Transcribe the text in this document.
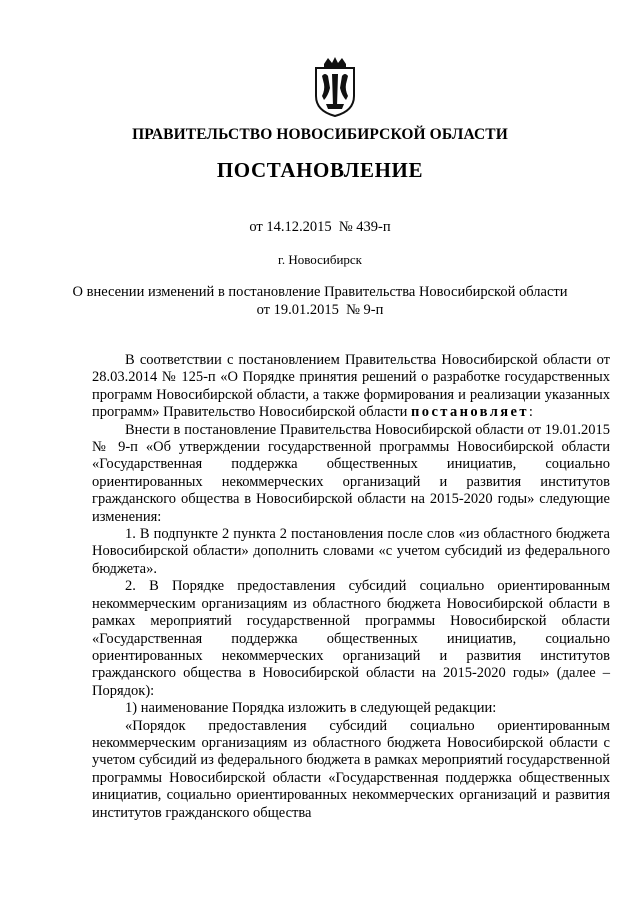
ПРАВИТЕЛЬСТВО НОВОСИБИРСКОЙ ОБЛАСТИ
ПОСТАНОВЛЕНИЕ
от 14.12.2015  № 439-п
г. Новосибирск
О внесении изменений в постановление Правительства Новосибирской области
от 19.01.2015  № 9-п

В соответствии с постановлением Правительства Новосибирской области от 28.03.2014 № 125-п «О Порядке принятия решений о разработке государственных программ Новосибирской области, а также формирования и реализации указанных программ» Правительство Новосибирской области постановляет:

Внести в постановление Правительства Новосибирской области от 19.01.2015 № 9-п «Об утверждении государственной программы Новосибирской области «Государственная поддержка общественных инициатив, социально ориентированных некоммерческих организаций и развития институтов гражданского общества в Новосибирской области на 2015-2020 годы» следующие изменения:

1. В подпункте 2 пункта 2 постановления после слов «из областного бюджета Новосибирской области» дополнить словами «с учетом субсидий из федерального бюджета».

2. В Порядке предоставления субсидий социально ориентированным некоммерческим организациям из областного бюджета Новосибирской области в рамках мероприятий государственной программы Новосибирской области «Государственная поддержка общественных инициатив, социально ориентированных некоммерческих организаций и развития институтов гражданского общества в Новосибирской области на 2015-2020 годы» (далее – Порядок):

1) наименование Порядка изложить в следующей редакции:

«Порядок предоставления субсидий социально ориентированным некоммерческим организациям из областного бюджета Новосибирской области с учетом субсидий из федерального бюджета в рамках мероприятий государственной программы Новосибирской области «Государственная поддержка общественных инициатив, социально ориентированных некоммерческих организаций и развития институтов гражданского общества
